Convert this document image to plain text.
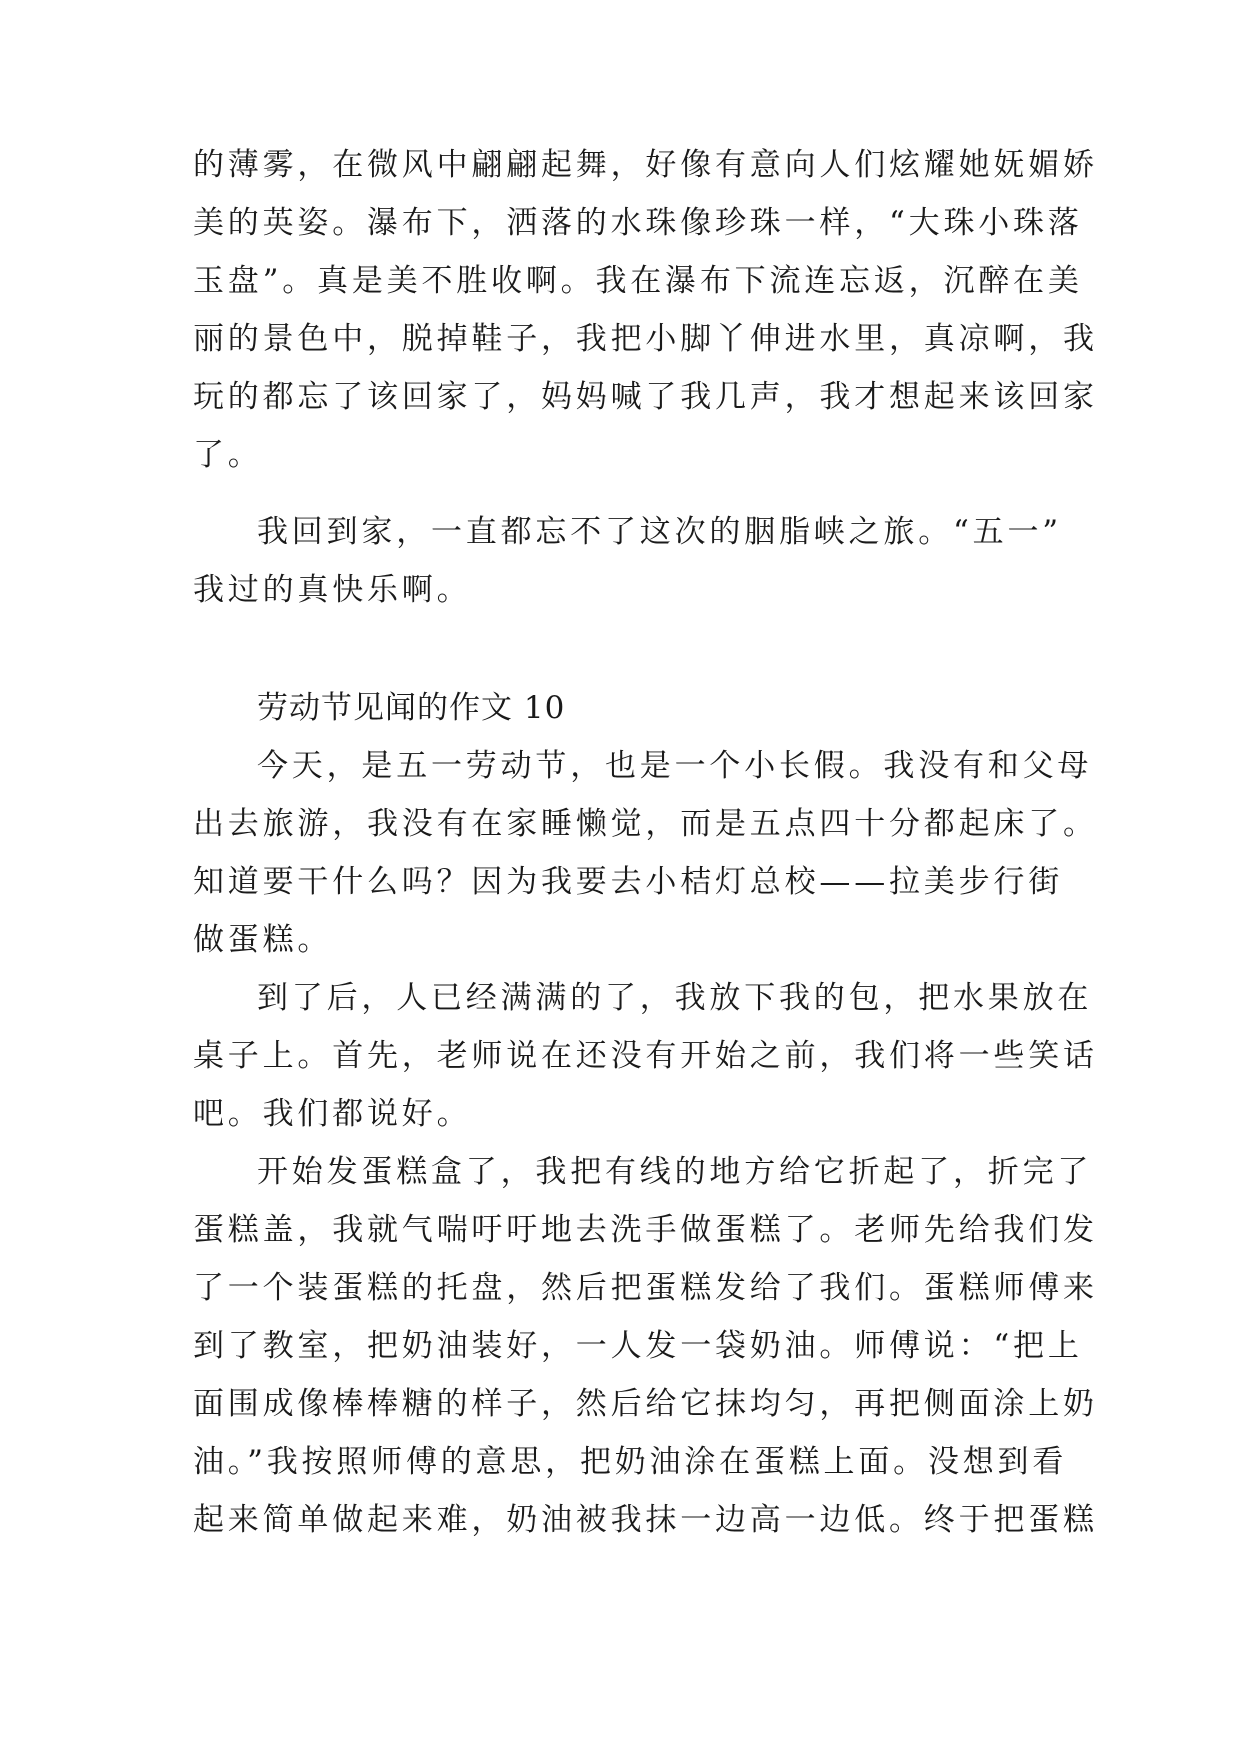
的薄雾，在微风中翩翩起舞，好像有意向人们炫耀她妩媚娇
美的英姿。瀑布下，洒落的水珠像珍珠一样，“大珠小珠落
玉盘”。真是美不胜收啊。我在瀑布下流连忘返，沉醉在美
丽的景色中，脱掉鞋子，我把小脚丫伸进水里，真凉啊，我
玩的都忘了该回家了，妈妈喊了我几声，我才想起来该回家
了。
我回到家，一直都忘不了这次的胭脂峡之旅。“五一”
我过的真快乐啊。
劳动节见闻的作文 10
今天，是五一劳动节，也是一个小长假。我没有和父母
出去旅游，我没有在家睡懒觉，而是五点四十分都起床了。
知道要干什么吗？因为我要去小桔灯总校——拉美步行街
做蛋糕。
到了后，人已经满满的了，我放下我的包，把水果放在
桌子上。首先，老师说在还没有开始之前，我们将一些笑话
吧。我们都说好。
开始发蛋糕盒了，我把有线的地方给它折起了，折完了
蛋糕盖，我就气喘吁吁地去洗手做蛋糕了。老师先给我们发
了一个装蛋糕的托盘，然后把蛋糕发给了我们。蛋糕师傅来
到了教室，把奶油装好，一人发一袋奶油。师傅说：“把上
面围成像棒棒糖的样子，然后给它抹均匀，再把侧面涂上奶
油。”我按照师傅的意思，把奶油涂在蛋糕上面。没想到看
起来简单做起来难，奶油被我抹一边高一边低。终于把蛋糕
